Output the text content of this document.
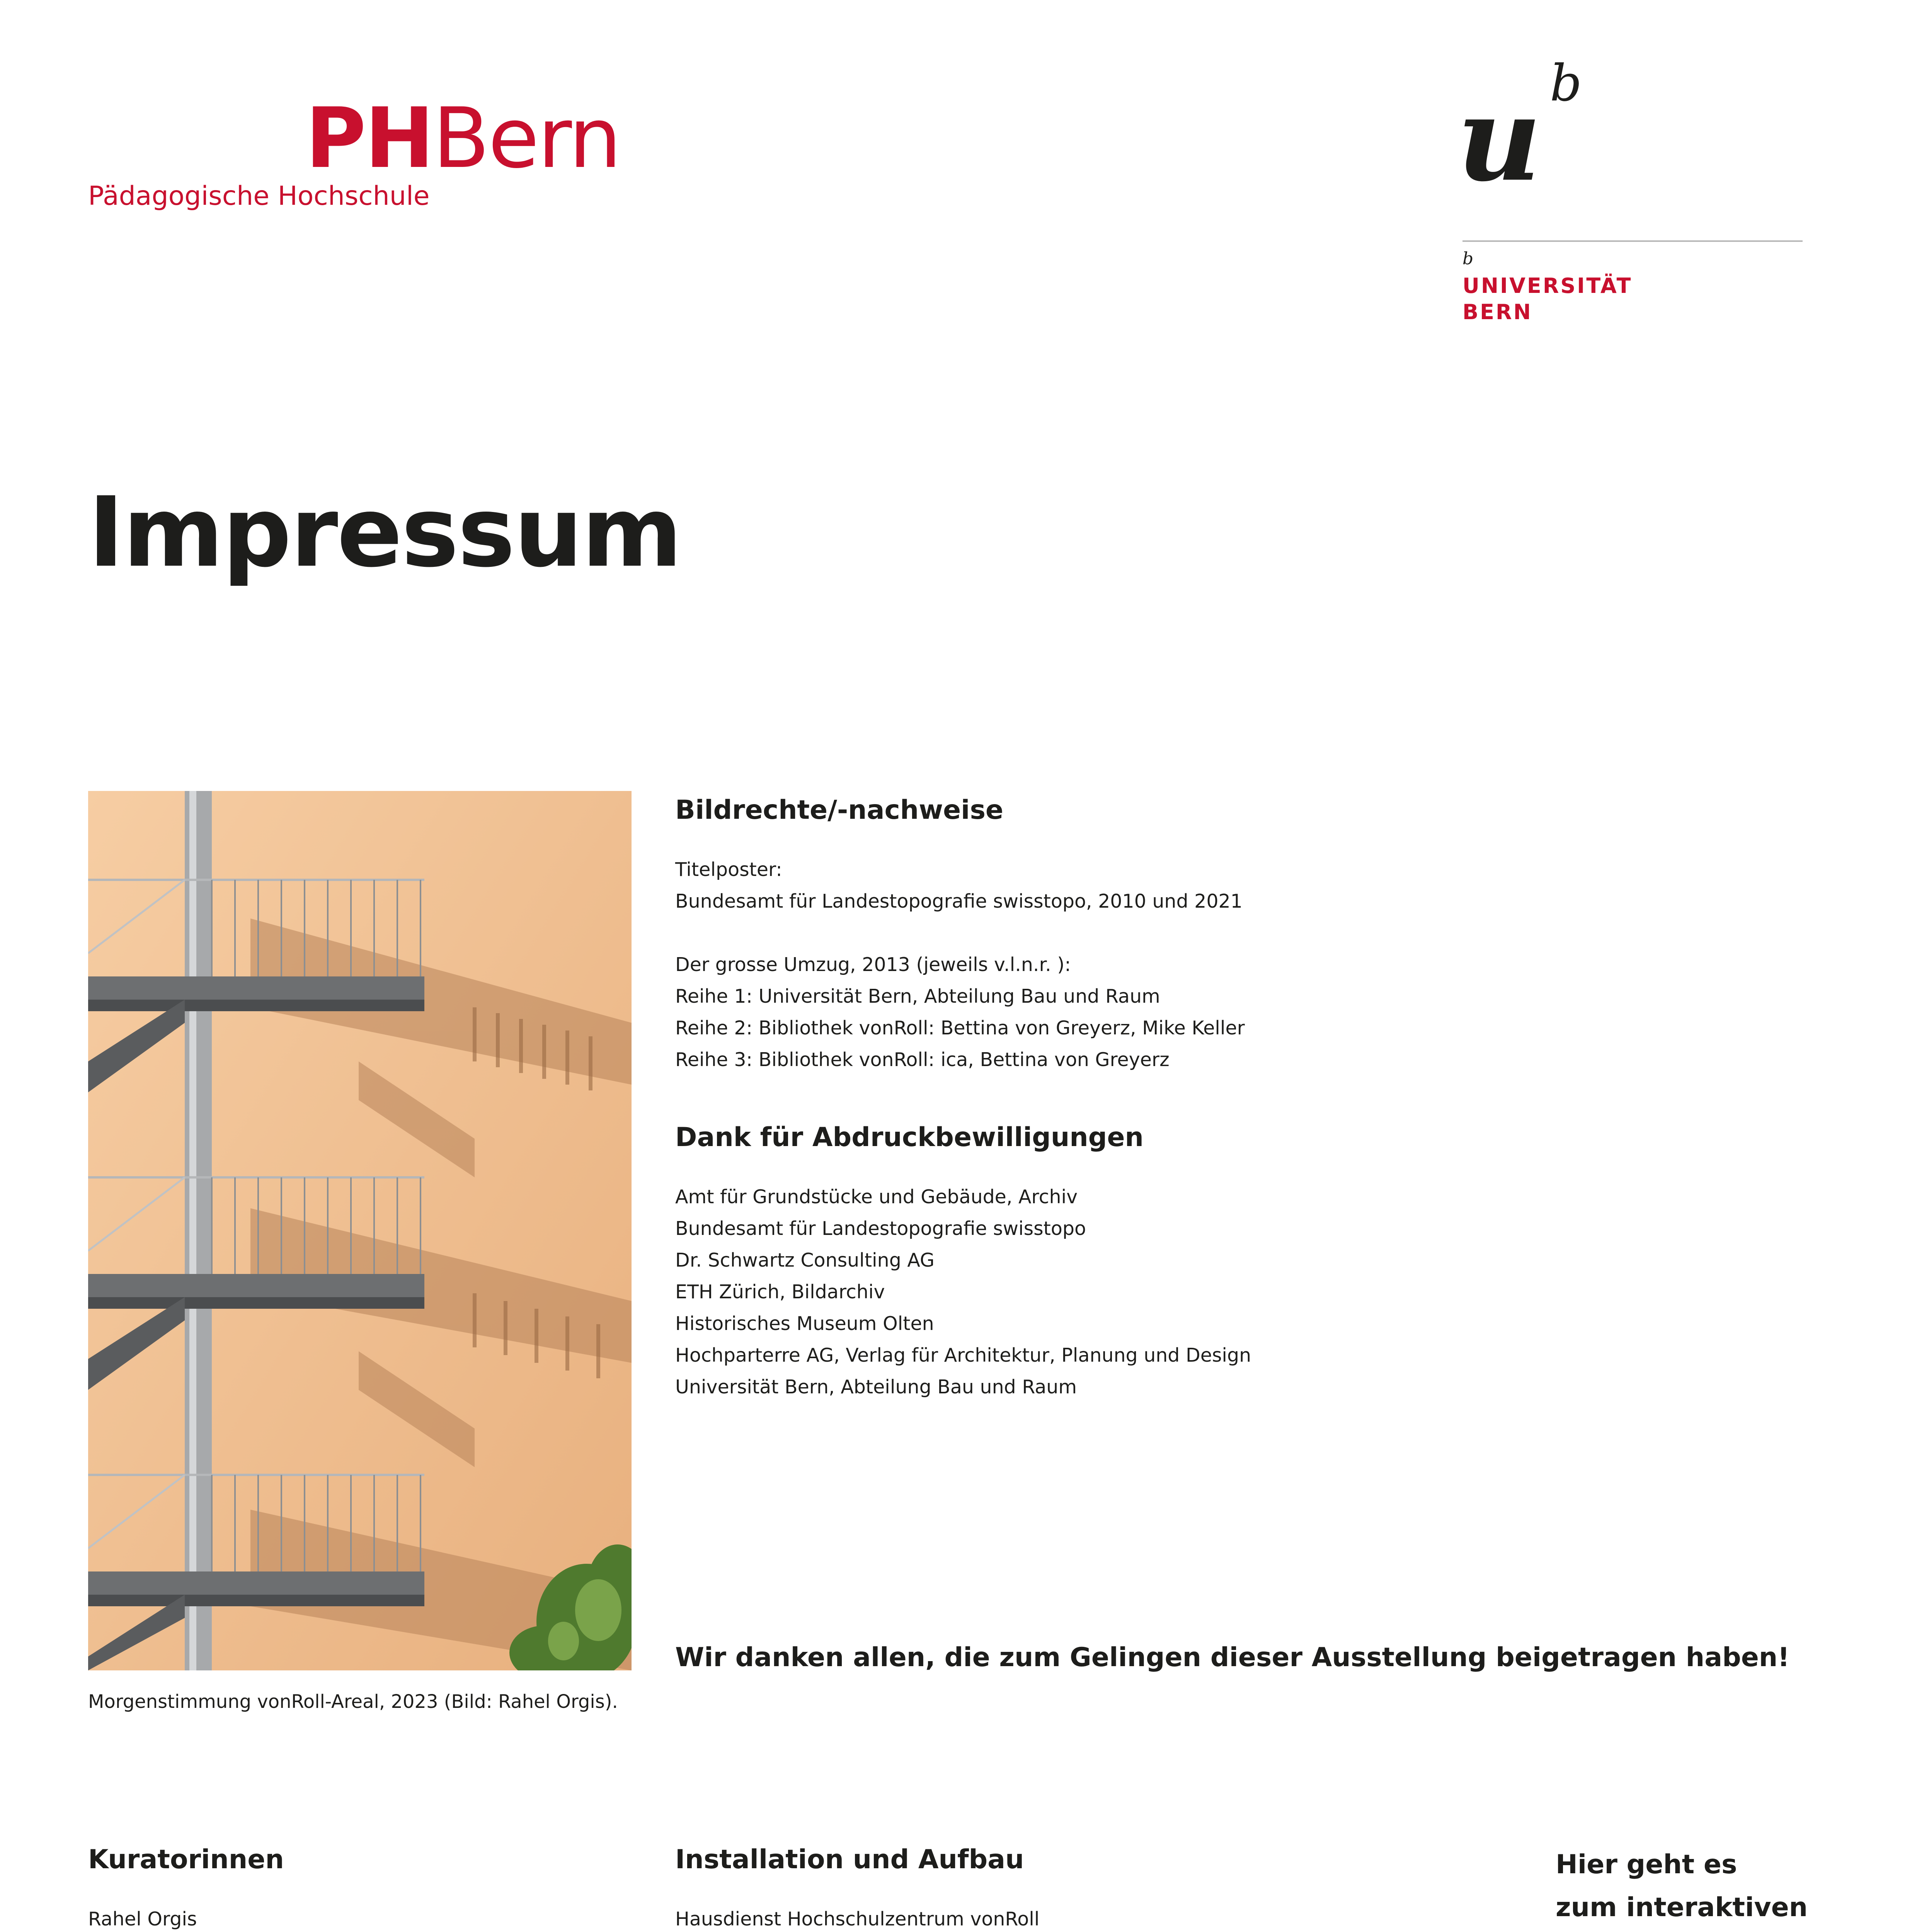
PHBern
Pädagogische Hochschule	u b
b
UNIVERSITÄT
BERN
Impressum
Morgenstimmung vonRoll-Areal, 2023 (Bild: Rahel Orgis).
Bildrechte/-nachweise
Titelposter:
Bundesamt für Landestopografie swisstopo, 2010 und 2021
Der grosse Umzug, 2013 (jeweils v.l.n.r. ):
Reihe 1: Universität Bern, Abteilung Bau und Raum
Reihe 2: Bibliothek vonRoll: Bettina von Greyerz, Mike Keller
Reihe 3: Bibliothek vonRoll: ica, Bettina von Greyerz
Dank für Abdruckbewilligungen
Amt für Grundstücke und Gebäude, Archiv
Bundesamt für Landestopografie swisstopo
Dr. Schwartz Consulting AG
ETH Zürich, Bildarchiv
Historisches Museum Olten
Hochparterre AG, Verlag für Architektur, Planung und Design
Universität Bern, Abteilung Bau und Raum
Wir danken allen, die zum Gelingen dieser Ausstellung beigetragen haben!
Kuratorinnen
Rahel Orgis
Installation und Aufbau
Hausdienst Hochschulzentrum vonRoll
Hier geht es
zum interaktiven
